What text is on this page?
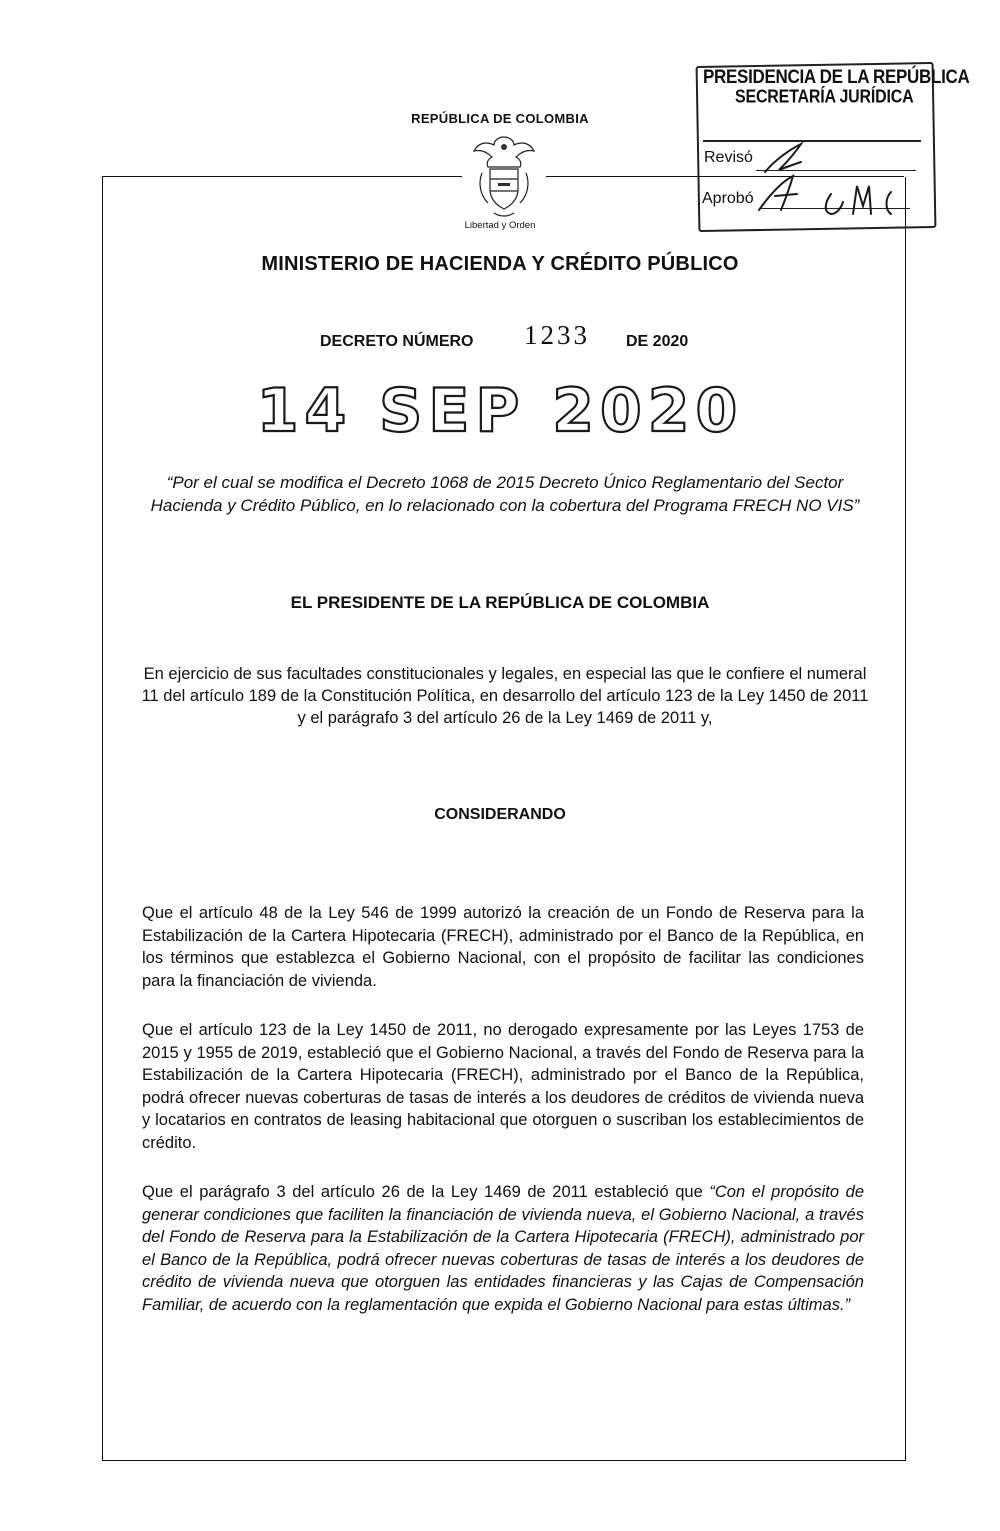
REPÚBLICA DE COLOMBIA
Libertad y Orden
MINISTERIO DE HACIENDA Y CRÉDITO PÚBLICO
PRESIDENCIA DE LA REPÚBLICA
SECRETARÍA JURÍDICA
Revisó
Aprobó
DECRETO NÚMERO 1233 DE 2020
14 SEP 2020
“Por el cual se modifica el Decreto 1068 de 2015 Decreto Único Reglamentario del Sector Hacienda y Crédito Público, en lo relacionado con la cobertura del Programa FRECH NO VIS”
EL PRESIDENTE DE LA REPÚBLICA DE COLOMBIA
En ejercicio de sus facultades constitucionales y legales, en especial las que le confiere el numeral 11 del artículo 189 de la Constitución Política, en desarrollo del artículo 123 de la Ley 1450 de 2011 y el parágrafo 3 del artículo 26 de la Ley 1469 de 2011 y,
CONSIDERANDO
Que el artículo 48 de la Ley 546 de 1999 autorizó la creación de un Fondo de Reserva para la Estabilización de la Cartera Hipotecaria (FRECH), administrado por el Banco de la República, en los términos que establezca el Gobierno Nacional, con el propósito de facilitar las condiciones para la financiación de vivienda.
Que el artículo 123 de la Ley 1450 de 2011, no derogado expresamente por las Leyes 1753 de 2015 y 1955 de 2019, estableció que el Gobierno Nacional, a través del Fondo de Reserva para la Estabilización de la Cartera Hipotecaria (FRECH), administrado por el Banco de la República, podrá ofrecer nuevas coberturas de tasas de interés a los deudores de créditos de vivienda nueva y locatarios en contratos de leasing habitacional que otorguen o suscriban los establecimientos de crédito.
Que el parágrafo 3 del artículo 26 de la Ley 1469 de 2011 estableció que “Con el propósito de generar condiciones que faciliten la financiación de vivienda nueva, el Gobierno Nacional, a través del Fondo de Reserva para la Estabilización de la Cartera Hipotecaria (FRECH), administrado por el Banco de la República, podrá ofrecer nuevas coberturas de tasas de interés a los deudores de crédito de vivienda nueva que otorguen las entidades financieras y las Cajas de Compensación Familiar, de acuerdo con la reglamentación que expida el Gobierno Nacional para estas últimas.”
